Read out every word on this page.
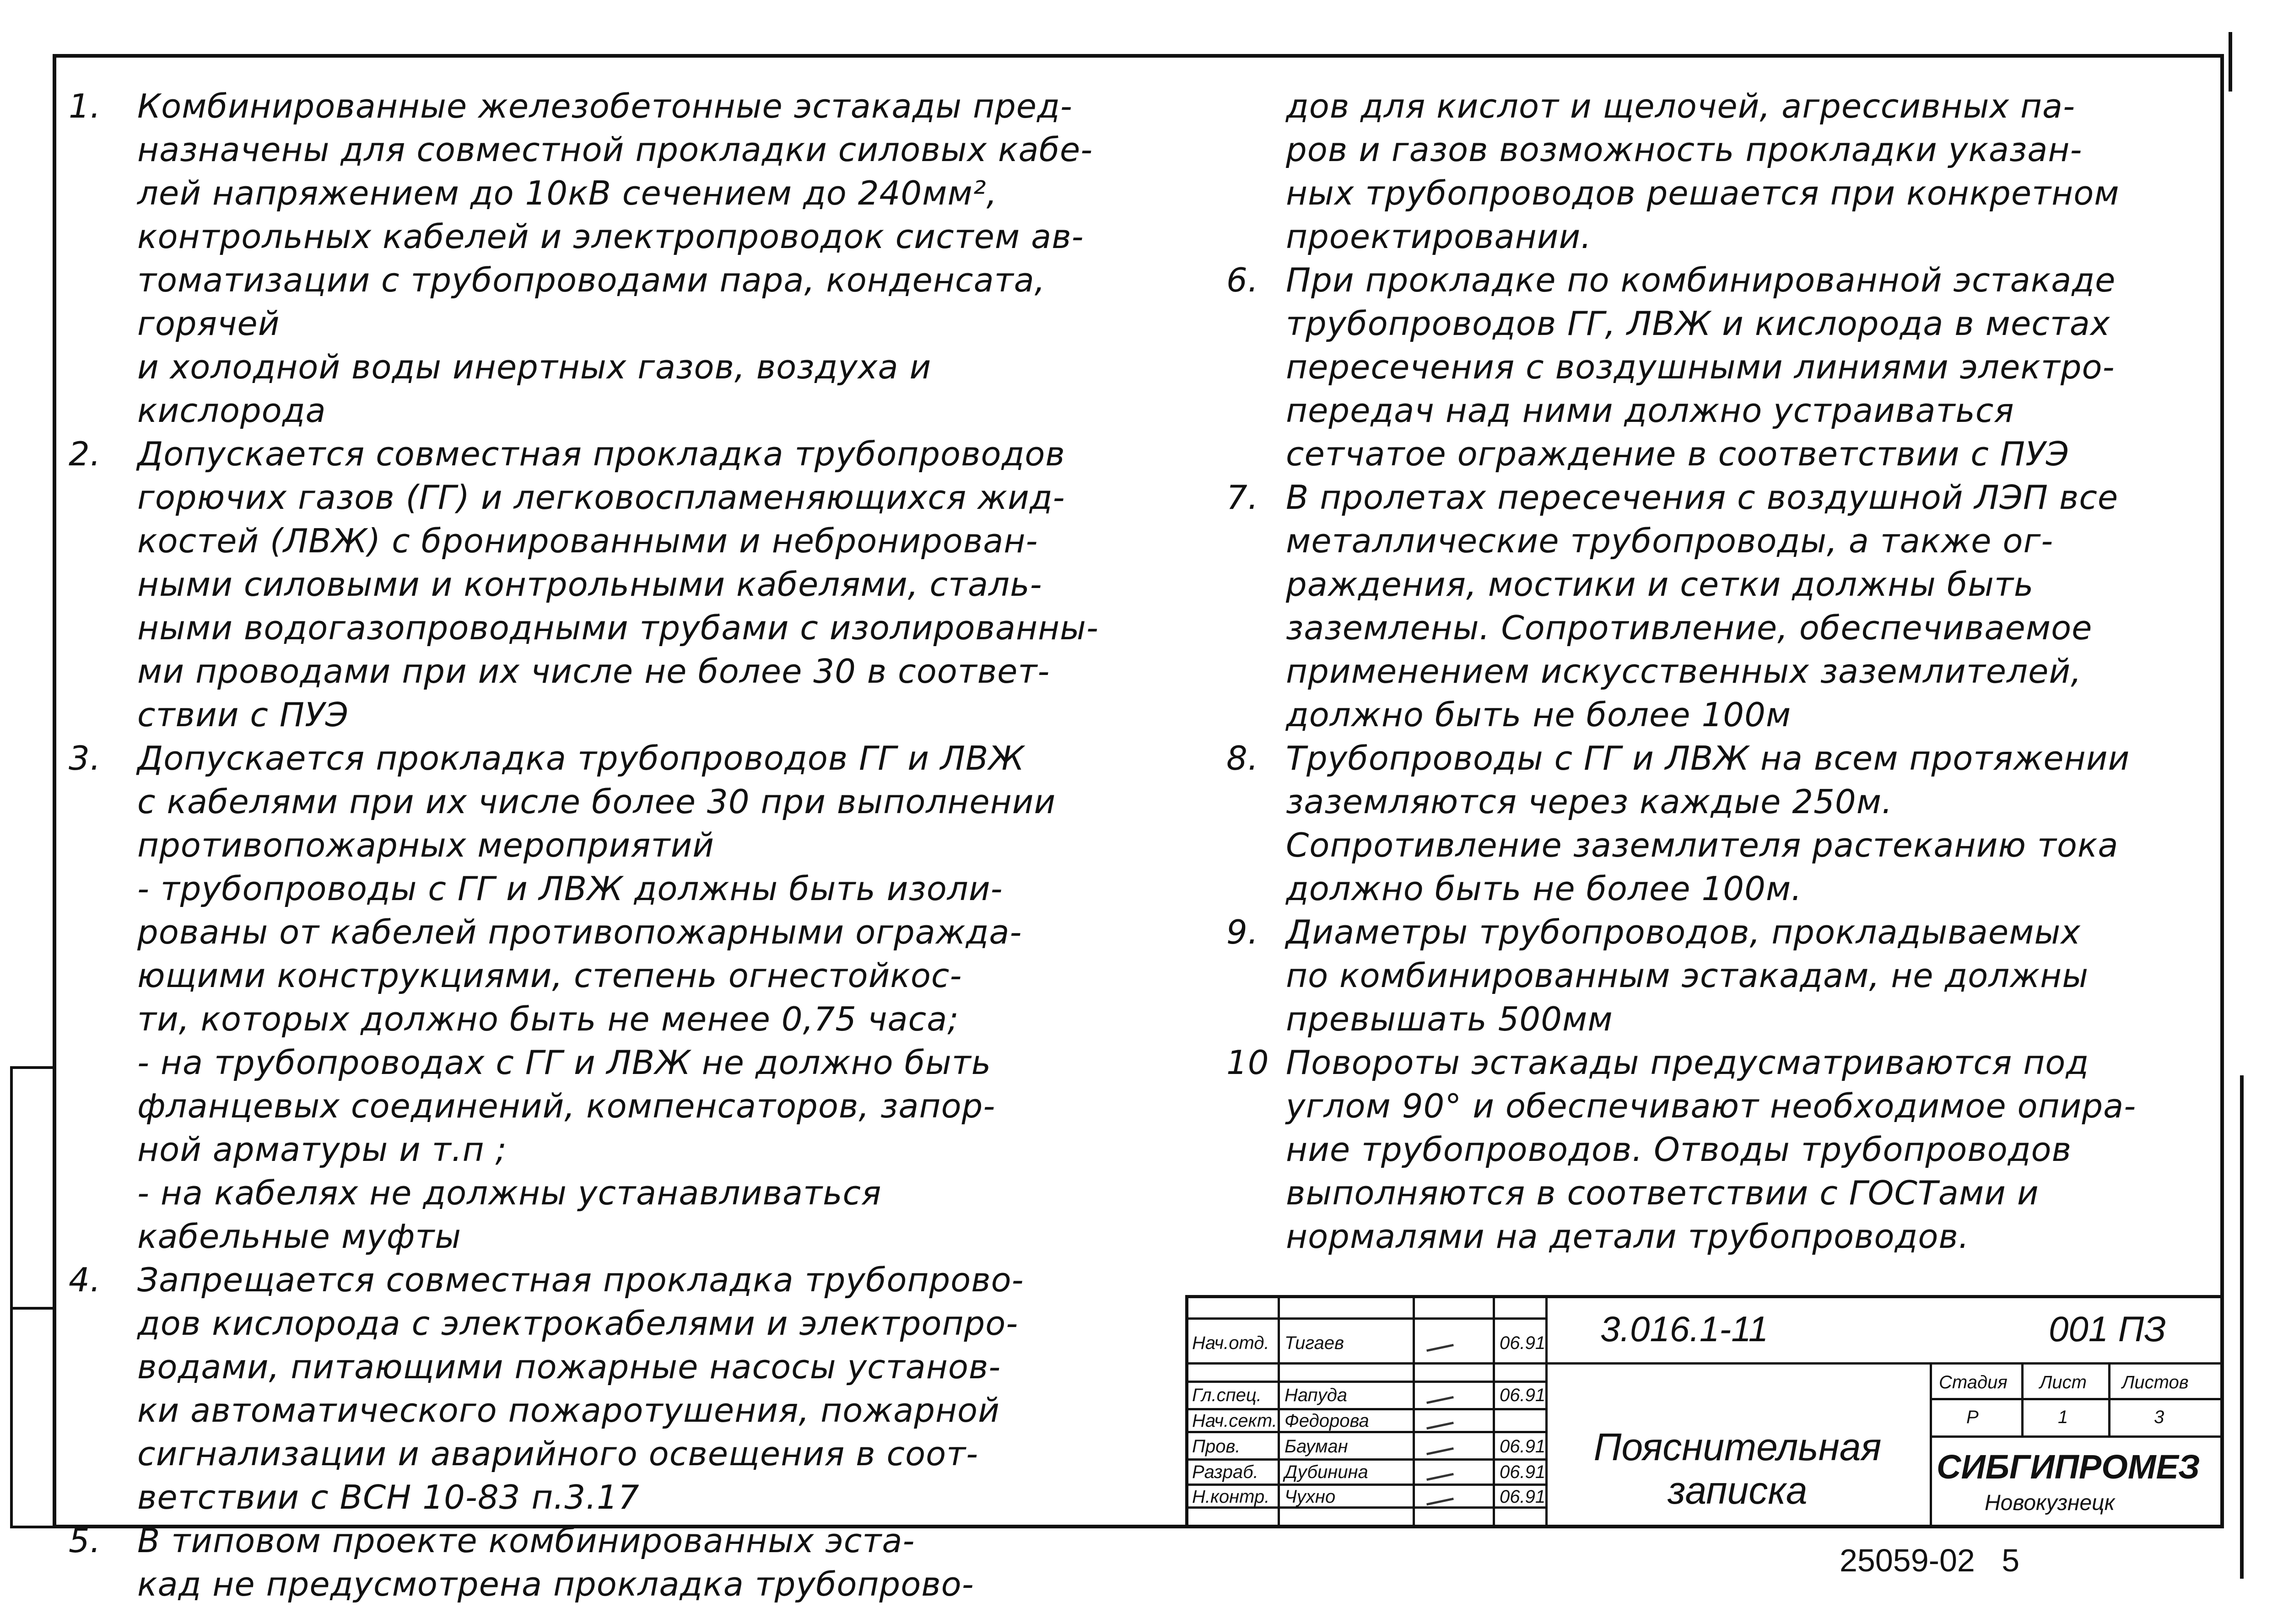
1. Комбинированные железобетонные эстакады пред-

назначены для совместной прокладки силовых кабе-

лей напряжением до 10кВ сечением до 240мм²,

контрольных кабелей и электропроводок систем ав-

томатизации с трубопроводами пара, конденсата, горячей

и холодной воды инертных газов, воздуха и кислорода

2. Допускается совместная прокладка трубопроводов

горючих газов (ГГ) и легковоспламеняющихся жид-

костей (ЛВЖ) с бронированными и небронирован-

ными силовыми и контрольными кабелями, сталь-

ными водогазопроводными трубами с изолированны-

ми проводами при их числе не более 30 в соответ-

ствии с ПУЭ

3. Допускается прокладка трубопроводов ГГ и ЛВЖ

с кабелями при их числе более 30 при выполнении

противопожарных мероприятий

- трубопроводы с ГГ и ЛВЖ должны быть изоли-

рованы от кабелей противопожарными огражда-

ющими конструкциями, степень огнестойкос-

ти, которых должно быть не менее 0,75 часа;

- на трубопроводах с ГГ и ЛВЖ не должно быть

фланцевых соединений, компенсаторов, запор-

ной арматуры и т.п ;

- на кабелях не должны устанавливаться

кабельные муфты

4. Запрещается совместная прокладка трубопрово-

дов кислорода с электрокабелями и электропро-

водами, питающими пожарные насосы установ-

ки автоматического пожаротушения, пожарной

сигнализации и аварийного освещения в соот-

ветствии с ВСН 10-83 п.3.17

5. В типовом проекте комбинированных эста-

кад не предусмотрена прокладка трубопрово-

дов для кислот и щелочей, агрессивных па-

ров и газов возможность прокладки указан-

ных трубопроводов решается при конкретном

проектировании.

6. При прокладке по комбинированной эстакаде

трубопроводов ГГ, ЛВЖ и кислорода в местах

пересечения с воздушными линиями электро-

передач над ними должно устраиваться

сетчатое ограждение в соответствии с ПУЭ

7. В пролетах пересечения с воздушной ЛЭП все

металлические трубопроводы, а также ог-

раждения, мостики и сетки должны быть

заземлены. Сопротивление, обеспечиваемое

применением искусственных заземлителей,

должно быть не более 100м

8. Трубопроводы с ГГ и ЛВЖ на всем протяжении

заземляются через каждые 250м.

Сопротивление заземлителя растеканию тока

должно быть не более 100м.

9. Диаметры трубопроводов, прокладываемых

по комбинированным эстакадам, не должны

превышать 500мм

10 Повороты эстакады предусматриваются под

углом 90° и обеспечивают необходимое опира-

ние трубопроводов. Отводы трубопроводов

выполняются в соответствии с ГОСТами и

нормалями на детали трубопроводов.

3.016.1-11	001 ПЗ
Нач.отд. Тигаев	06.91
Гл.спец. Напуда	06.91
Нач.сект. Федорова
Пров. Бауман	06.91
Разраб. Дубинина	06.91
Н.контр. Чухно	06.91
Пояснительная
записка
Стадия Лист Листов
Р	1	3
СИБГИПРОМЕЗ
Новокузнецк
25059-02 5
